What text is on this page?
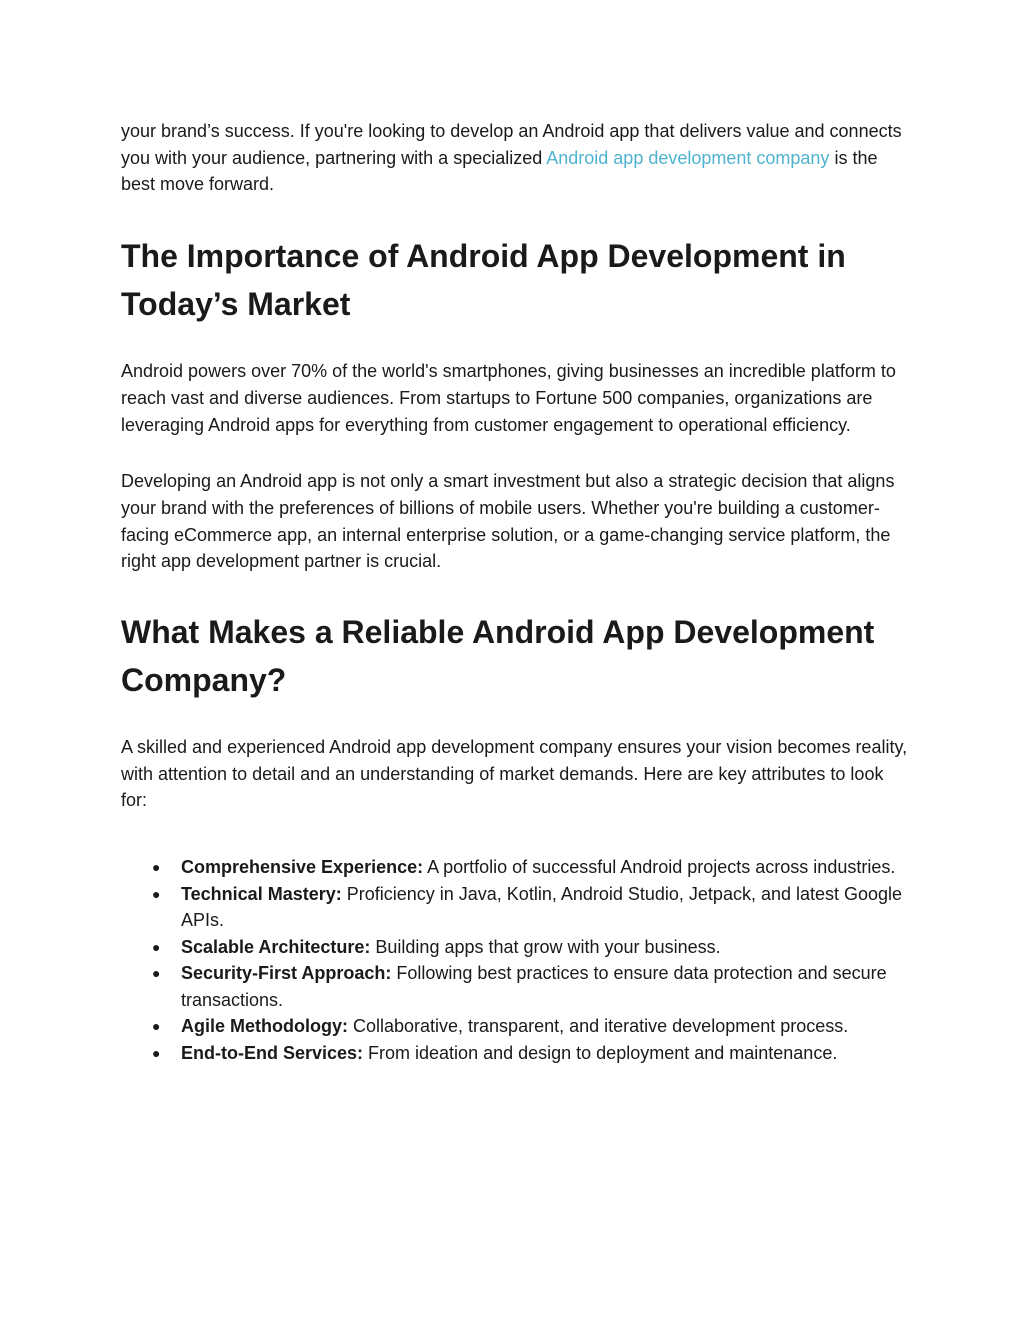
your brand’s success. If you're looking to develop an Android app that delivers value and connects you with your audience, partnering with a specialized Android app development company is the best move forward.

The Importance of Android App Development in Today’s Market

Android powers over 70% of the world's smartphones, giving businesses an incredible platform to reach vast and diverse audiences. From startups to Fortune 500 companies, organizations are leveraging Android apps for everything from customer engagement to operational efficiency.

Developing an Android app is not only a smart investment but also a strategic decision that aligns your brand with the preferences of billions of mobile users. Whether you're building a customer-facing eCommerce app, an internal enterprise solution, or a game-changing service platform, the right app development partner is crucial.

What Makes a Reliable Android App Development Company?

A skilled and experienced Android app development company ensures your vision becomes reality, with attention to detail and an understanding of market demands. Here are key attributes to look for:

● Comprehensive Experience: A portfolio of successful Android projects across industries.
● Technical Mastery: Proficiency in Java, Kotlin, Android Studio, Jetpack, and latest Google APIs.
● Scalable Architecture: Building apps that grow with your business.
● Security-First Approach: Following best practices to ensure data protection and secure transactions.
● Agile Methodology: Collaborative, transparent, and iterative development process.
● End-to-End Services: From ideation and design to deployment and maintenance.
